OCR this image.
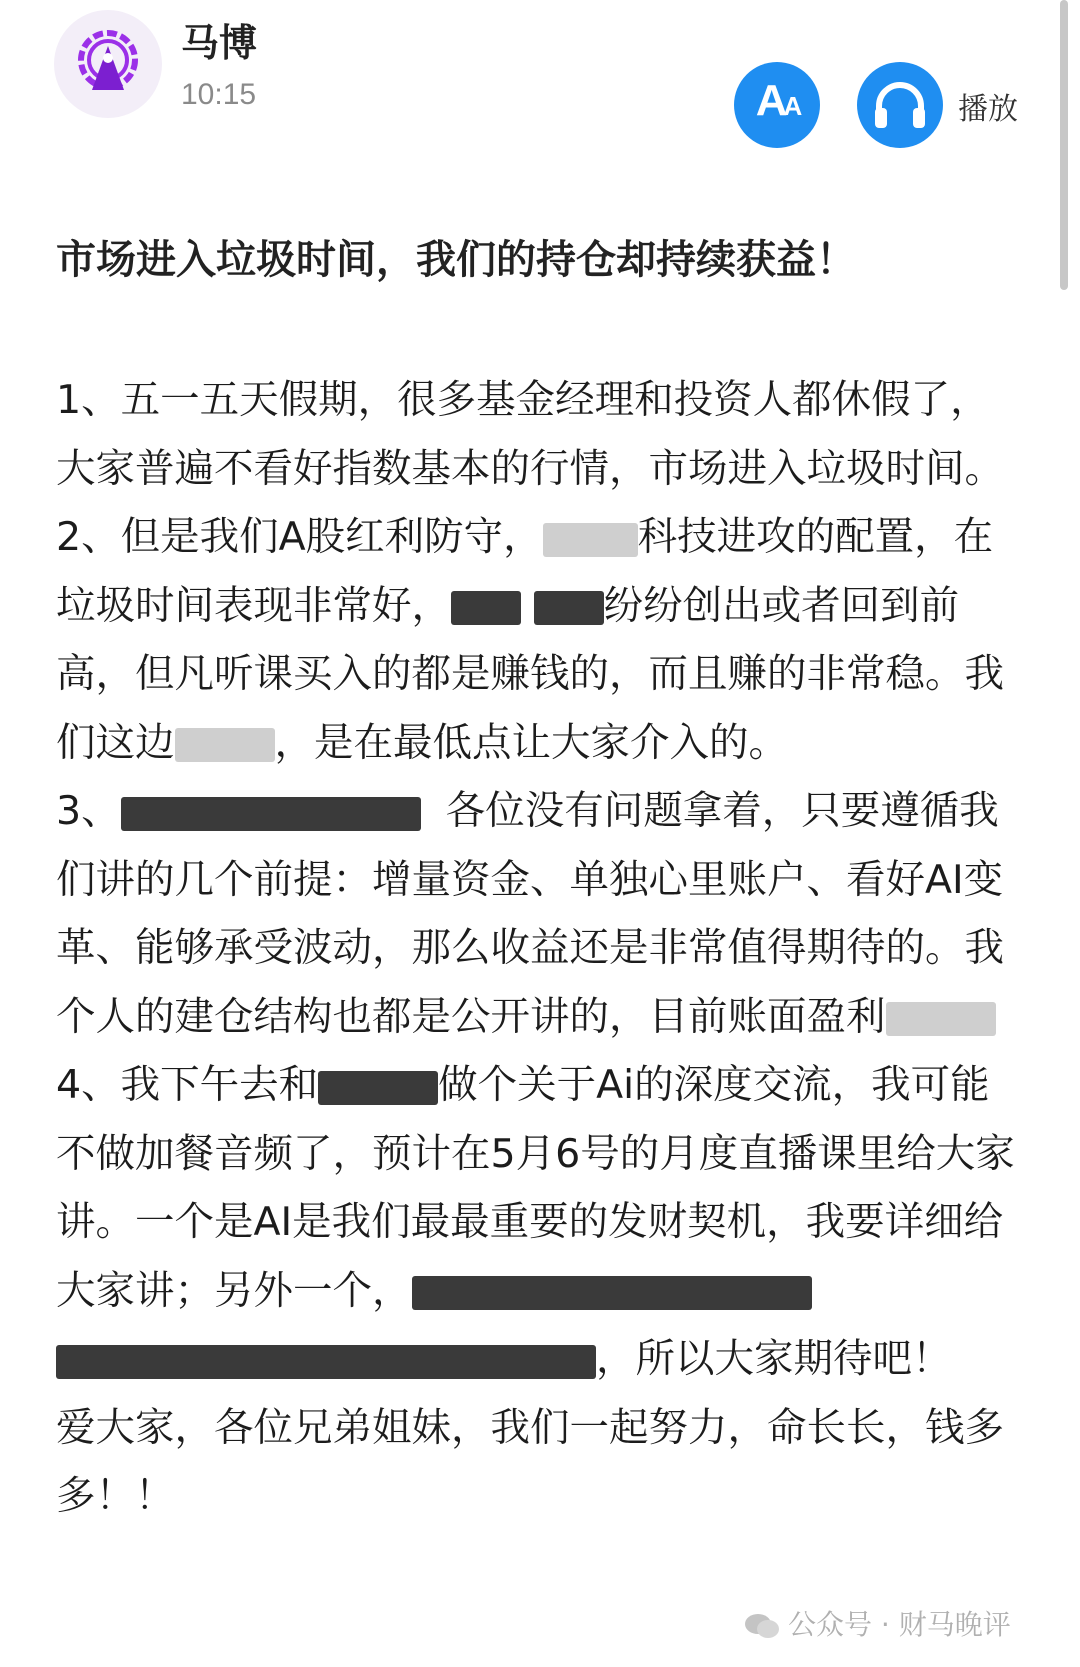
马博
10:15	AA	播放
市场进入垃圾时间，我们的持仓却持续获益！

1、五一五天假期，很多基金经理和投资人都休假了，大家普遍不看好指数基本的行情，市场进入垃圾时间。

2、但是我们A股红利防守， 科技进攻的配置，在垃圾时间表现非常好，	纷纷创出或者回到前高，但凡听课买入的都是赚钱的，而且赚的非常稳。我们这边	，是在最低点让大家介入的。

3、	各位没有问题拿着，只要遵循我们讲的几个前提：增量资金、单独心里账户、看好AI变革、能够承受波动，那么收益还是非常值得期待的。我个人的建仓结构也都是公开讲的，目前账面盈利

4、我下午去和	做个关于Ai的深度交流，我可能不做加餐音频了，预计在5月6号的月度直播课里给大家讲。一个是AI是我们最最重要的发财契机，我要详细给大家讲；另外一个， ，所以大家期待吧！

爱大家，各位兄弟姐妹，我们一起努力，命长长，钱多多！！

公众号 · 财马晚评
